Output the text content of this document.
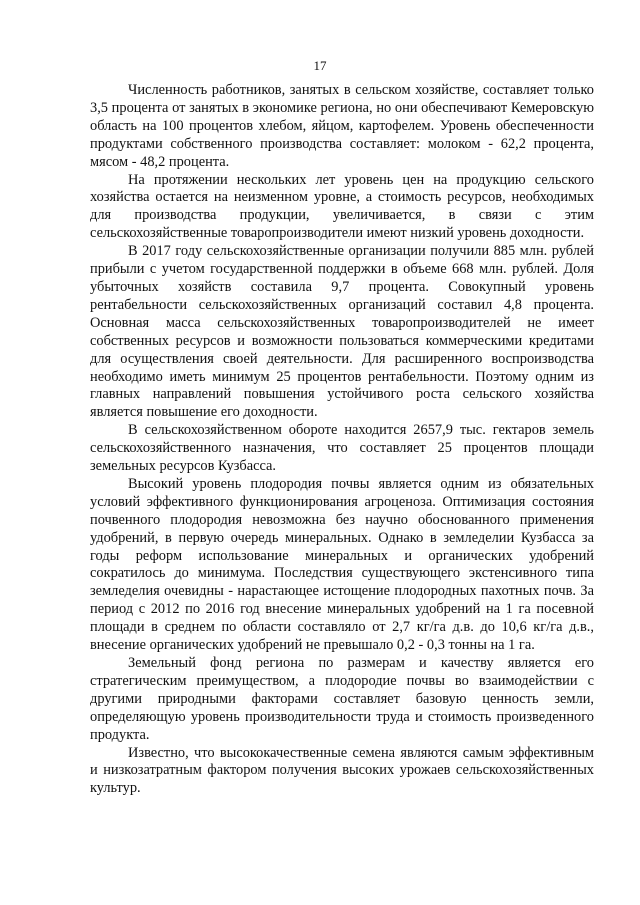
17

Численность работников, занятых в сельском хозяйстве, составляет только 3,5 процента от занятых в экономике региона, но они обеспечивают Кемеровскую область на 100 процентов хлебом, яйцом, картофелем. Уровень обеспеченности продуктами собственного производства составляет: молоком - 62,2 процента, мясом - 48,2 процента.

На протяжении нескольких лет уровень цен на продукцию сельского хозяйства остается на неизменном уровне, а стоимость ресурсов, необходимых для производства продукции, увеличивается, в связи с этим сельскохозяйственные товаропроизводители имеют низкий уровень доходности.

В 2017 году сельскохозяйственные организации получили 885 млн. рублей прибыли с учетом государственной поддержки в объеме 668 млн. рублей. Доля убыточных хозяйств составила 9,7 процента. Совокупный уровень рентабельности сельскохозяйственных организаций составил 4,8 процента. Основная масса сельскохозяйственных товаропроизводителей не имеет собственных ресурсов и возможности пользоваться коммерческими кредитами для осуществления своей деятельности. Для расширенного воспроизводства необходимо иметь минимум 25 процентов рентабельности. Поэтому одним из главных направлений повышения устойчивого роста сельского хозяйства является повышение его доходности.

В сельскохозяйственном обороте находится 2657,9 тыс. гектаров земель сельскохозяйственного назначения, что составляет 25 процентов площади земельных ресурсов Кузбасса.

Высокий уровень плодородия почвы является одним из обязательных условий эффективного функционирования агроценоза. Оптимизация состояния почвенного плодородия невозможна без научно обоснованного применения удобрений, в первую очередь минеральных. Однако в земледелии Кузбасса за годы реформ использование минеральных и органических удобрений сократилось до минимума. Последствия существующего экстенсивного типа земледелия очевидны - нарастающее истощение плодородных пахотных почв. За период с 2012 по 2016 год внесение минеральных удобрений на 1 га посевной площади в среднем по области составляло от 2,7 кг/га д.в. до 10,6 кг/га д.в., внесение органических удобрений не превышало 0,2 - 0,3 тонны на 1 га.

Земельный фонд региона по размерам и качеству является его стратегическим преимуществом, а плодородие почвы во взаимодействии с другими природными факторами составляет базовую ценность земли, определяющую уровень производительности труда и стоимость произведенного продукта.

Известно, что высококачественные семена являются самым эффективным и низкозатратным фактором получения высоких урожаев сельскохозяйственных культур.
